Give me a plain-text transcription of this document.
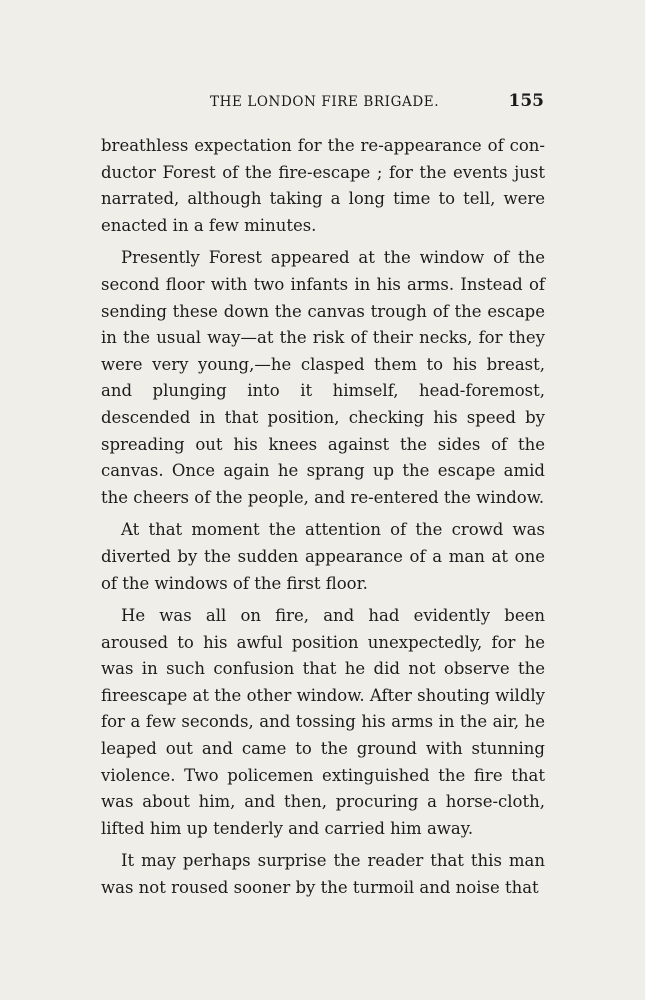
THE LONDON FIRE BRIGADE.	155

breathless expectation for the re-appearance of conductor Forest of the fire-escape ; for the events just narrated, although taking a long time to tell, were enacted in a few minutes.

Presently Forest appeared at the window of the second floor with two infants in his arms. Instead of sending these down the canvas trough of the escape in the usual way—at the risk of their necks, for they were very young,—he clasped them to his breast, and plunging into it himself, head-foremost, descended in that position, checking his speed by spreading out his knees against the sides of the canvas. Once again he sprang up the escape amid the cheers of the people, and re-entered the window.

At that moment the attention of the crowd was diverted by the sudden appearance of a man at one of the windows of the first floor.

He was all on fire, and had evidently been aroused to his awful position unexpectedly, for he was in such confusion that he did not observe the fireescape at the other window. After shouting wildly for a few seconds, and tossing his arms in the air, he leaped out and came to the ground with stunning violence. Two policemen extinguished the fire that was about him, and then, procuring a horse-cloth, lifted him up tenderly and carried him away.

It may perhaps surprise the reader that this man was not roused sooner by the turmoil and noise that
